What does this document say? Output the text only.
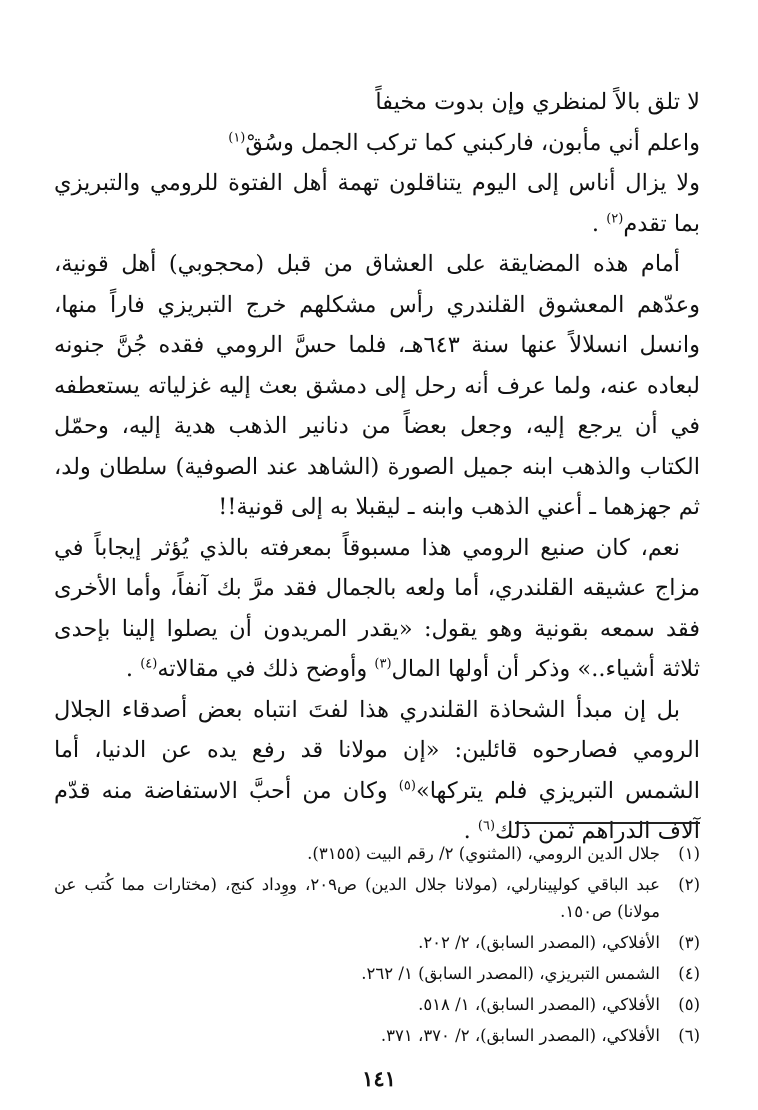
لا تلق بالاً لمنظري وإن بدوت مخيفاً

واعلم أني مأبون، فاركبني كما تركب الجمل وسُقْ$^{(١)}$

ولا يزال أناس إلى اليوم يتناقلون تهمة أهل الفتوة للرومي والتبريزي بما تقدم$^{(٢)}$ .

أمام هذه المضايقة على العشاق من قبل (محجوبي) أهل قونية، وعدّهم المعشوق القلندري رأس مشكلهم خرج التبريزي فاراً منها، وانسل انسلالاً عنها سنة ٦٤٣هـ، فلما حسَّ الرومي فقده جُنَّ جنونه لبعاده عنه، ولما عرف أنه رحل إلى دمشق بعث إليه غزلياته يستعطفه في أن يرجع إليه، وجعل بعضاً من دنانير الذهب هدية إليه، وحمّل الكتاب والذهب ابنه جميل الصورة (الشاهد عند الصوفية) سلطان ولد، ثم جهزهما ـ أعني الذهب وابنه ـ ليقبلا به إلى قونية!!

نعم، كان صنيع الرومي هذا مسبوقاً بمعرفته بالذي يُؤثر إيجاباً في مزاج عشيقه القلندري، أما ولعه بالجمال فقد مرَّ بك آنفاً، وأما الأخرى فقد سمعه بقونية وهو يقول: «يقدر المريدون أن يصلوا إلينا بإحدى ثلاثة أشياء..» وذكر أن أولها المال$^{(٣)}$ وأوضح ذلك في مقالاته$^{(٤)}$ .

بل إن مبدأ الشحاذة القلندري هذا لفتَ انتباه بعض أصدقاء الجلال الرومي فصارحوه قائلين: «إن مولانا قد رفع يده عن الدنيا، أما الشمس التبريزي فلم يتركها»$^{(٥)}$ وكان من أحبَّ الاستفاضة منه قدّم آلاف الدراهم ثمن ذلك$^{(٦)}$ .

(١)
جلال الدين الرومي، (المثنوي) ٢/ رقم البيت (٣١٥٥).
(٢)
عبد الباقي كولپينارلي، (مولانا جلال الدين) ص٢٠٩، ووِداد كنج، (مختارات مما كُتب عن مولانا) ص١٥٠.
(٣)
الأفلاكي، (المصدر السابق)، ٢/ ٢٠٢.
(٤)
الشمس التبريزي، (المصدر السابق) ١/ ٢٦٢.
(٥)
الأفلاكي، (المصدر السابق)، ١/ ٥١٨.
(٦)
الأفلاكي، (المصدر السابق)، ٢/ ٣٧٠، ٣٧١.
١٤١
